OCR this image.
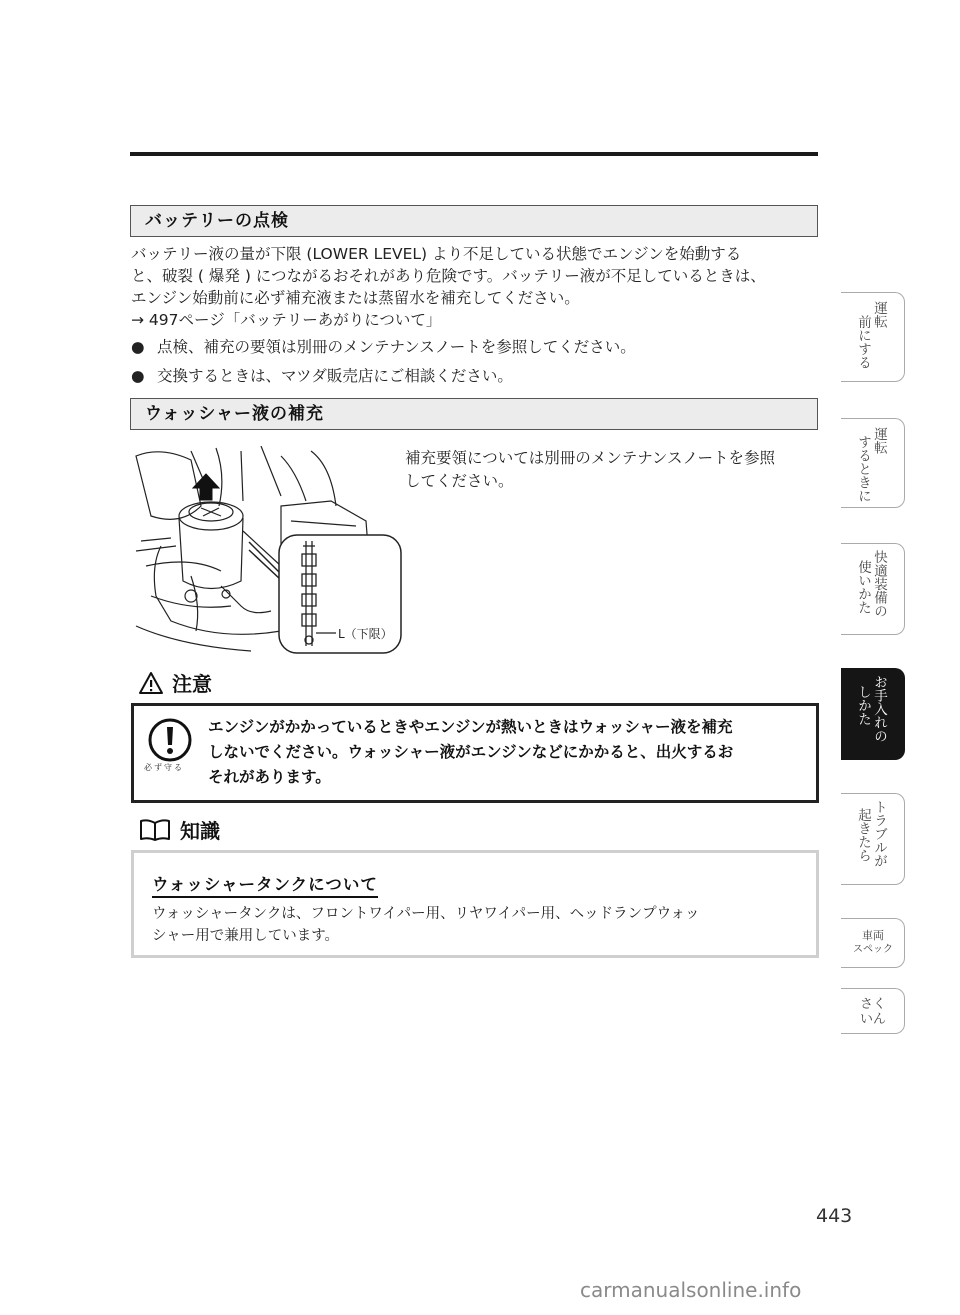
バッテリーの点検
バッテリー液の量が下限 (LOWER LEVEL) より不足している状態でエンジンを始動する
と、破裂 ( 爆発 ) につながるおそれがあり危険です。バッテリー液が不足しているときは、
エンジン始動前に必ず補充液または蒸留水を補充してください。
→ 497ページ「バッテリーあがりについて」
● 点検、補充の要領は別冊のメンテナンスノートを参照してください。
● 交換するときは、マツダ販売店にご相談ください。
ウォッシャー液の補充
L（下限）
補充要領については別冊のメンテナンスノートを参照
してください。
注意
必ず守る
エンジンがかかっているときやエンジンが熱いときはウォッシャー液を補充
しないでください。ウォッシャー液がエンジンなどにかかると、出火するお
それがあります。
知識
ウォッシャータンクについて
ウォッシャータンクは、フロントワイパー用、リヤワイパー用、ヘッドランプウォッ
シャー用で兼用しています。
運転
前にする
運転
するときに
快適装備の
使いかた
お手入れの
しかた
トラブルが
起きたら
車両
スペック
さく
いん
443
carmanualsonline.info
